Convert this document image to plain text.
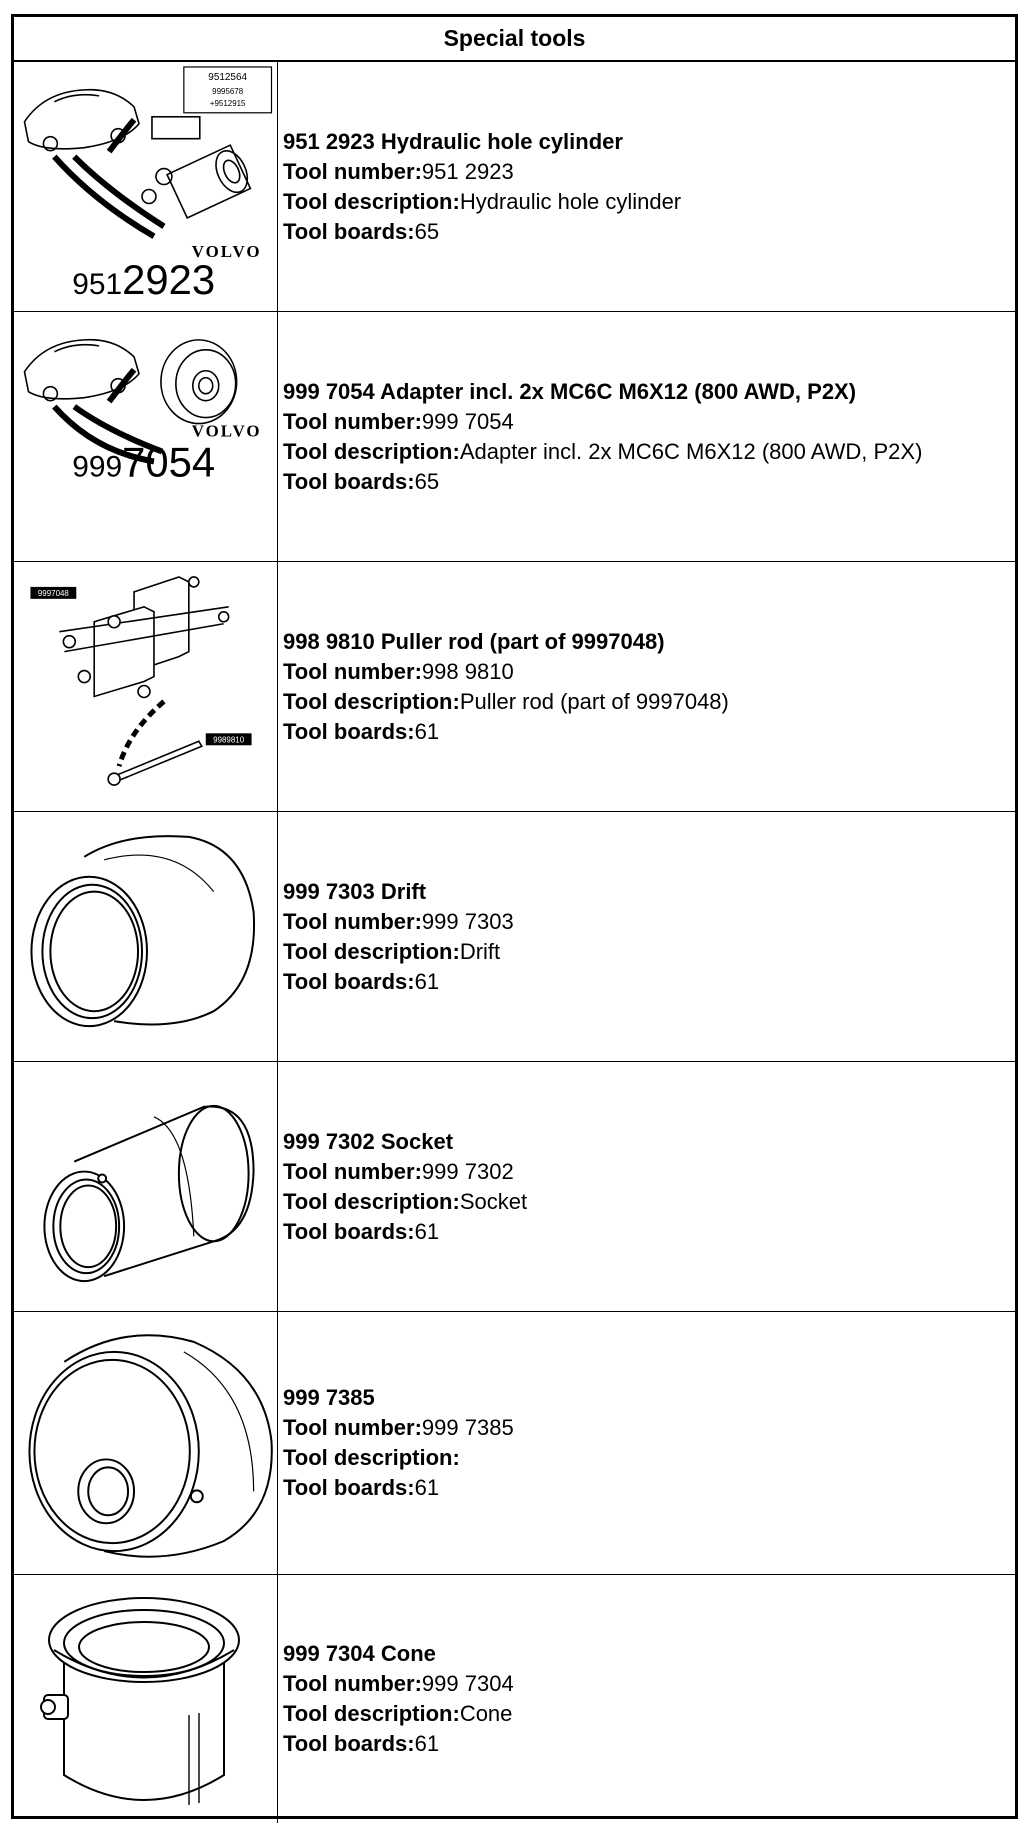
Special tools
9512564
9995678
+9512915
VOLVO
951 2923
951 2923 Hydraulic hole cylinder
Tool number:951 2923
Tool description:Hydraulic hole cylinder
Tool boards:65
VOLVO
999 7054
999 7054 Adapter incl. 2x MC6C M6X12 (800 AWD, P2X)
Tool number:999 7054
Tool description:Adapter incl. 2x MC6C M6X12 (800 AWD, P2X)
Tool boards:65
9997048
9989810
998 9810 Puller rod (part of 9997048)
Tool number:998 9810
Tool description:Puller rod (part of 9997048)
Tool boards:61
999 7303 Drift
Tool number:999 7303
Tool description:Drift
Tool boards:61
999 7302 Socket
Tool number:999 7302
Tool description:Socket
Tool boards:61
999 7385
Tool number:999 7385
Tool description:
Tool boards:61
999 7304 Cone
Tool number:999 7304
Tool description:Cone
Tool boards:61
